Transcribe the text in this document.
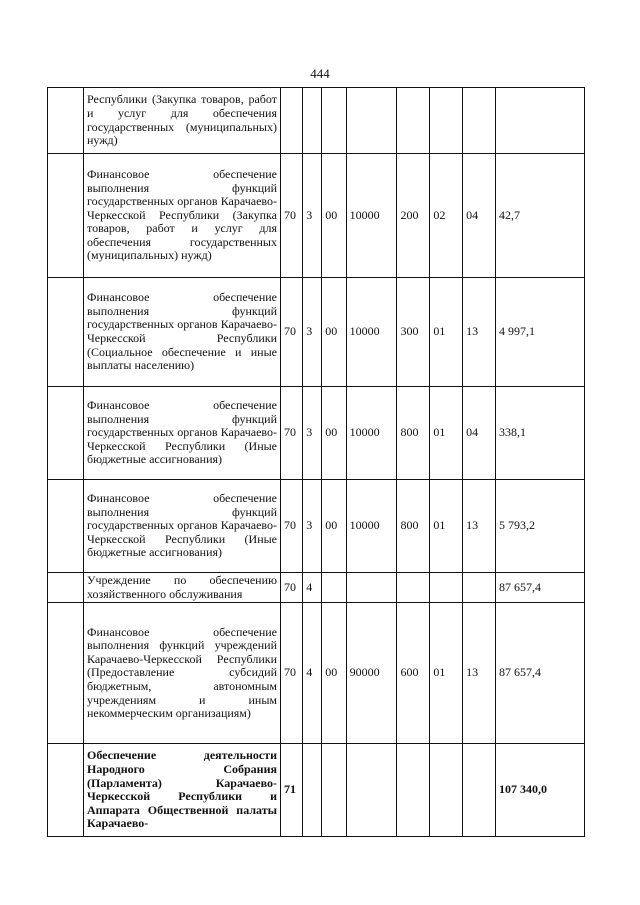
444
	Республики (Закупка товаров, работ и услуг для обеспечения государственных (муниципальных) нужд)								
	Финансовое обеспечение выполнения функций государственных органов Карачаево-Черкесской Республики (Закупка товаров, работ и услуг для обеспечения государственных (муниципальных) нужд)	70	3	00	10000	200	02	04	42,7
	Финансовое обеспечение выполнения функций государственных органов Карачаево-Черкесской Республики (Социальное обеспечение и иные выплаты населению)	70	3	00	10000	300	01	13	4 997,1
	Финансовое обеспечение выполнения функций государственных органов Карачаево-Черкесской Республики (Иные бюджетные ассигнования)	70	3	00	10000	800	01	04	338,1
	Финансовое обеспечение выполнения функций государственных органов Карачаево-Черкесской Республики (Иные бюджетные ассигнования)	70	3	00	10000	800	01	13	5 793,2
	Учреждение по обеспечению хозяйственного обслуживания	70	4						87 657,4
	Финансовое обеспечение выполнения функций учреждений Карачаево-Черкесской Республики (Предоставление субсидий бюджетным, автономным учреждениям и иным некоммерческим организациям)	70	4	00	90000	600	01	13	87 657,4
	Обеспечение деятельности Народного Собрания (Парламента) Карачаево-Черкесской Республики и Аппарата Общественной палаты Карачаево-	71							107 340,0
